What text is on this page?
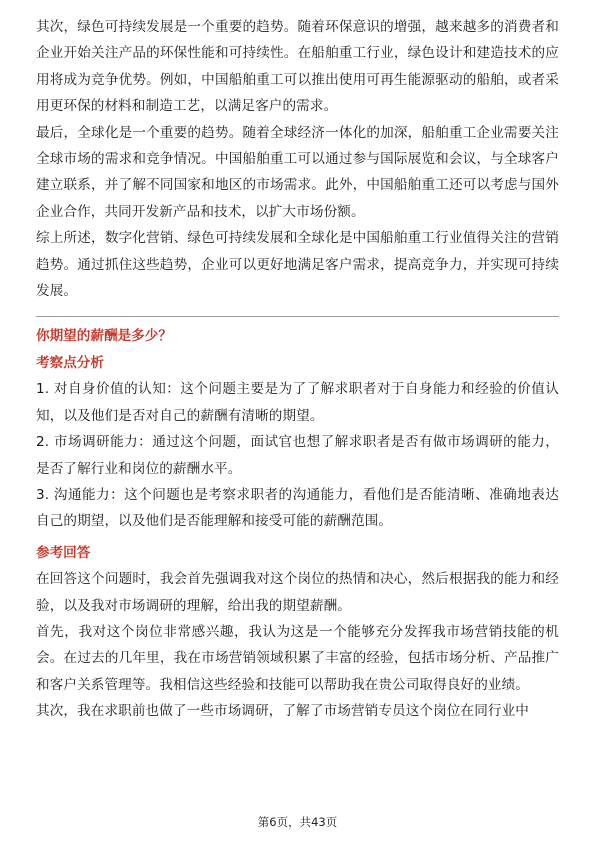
其次，绿色可持续发展是一个重要的趋势。随着环保意识的增强，越来越多的消费者和企业开始关注产品的环保性能和可持续性。在船舶重工行业，绿色设计和建造技术的应用将成为竞争优势。例如，中国船舶重工可以推出使用可再生能源驱动的船舶，或者采用更环保的材料和制造工艺，以满足客户的需求。

最后，全球化是一个重要的趋势。随着全球经济一体化的加深，船舶重工企业需要关注全球市场的需求和竞争情况。中国船舶重工可以通过参与国际展览和会议，与全球客户建立联系，并了解不同国家和地区的市场需求。此外，中国船舶重工还可以考虑与国外企业合作，共同开发新产品和技术，以扩大市场份额。

综上所述，数字化营销、绿色可持续发展和全球化是中国船舶重工行业值得关注的营销趋势。通过抓住这些趋势，企业可以更好地满足客户需求，提高竞争力，并实现可持续发展。

你期望的薪酬是多少？

考察点分析

1. 对自身价值的认知：这个问题主要是为了了解求职者对于自身能力和经验的价值认知，以及他们是否对自己的薪酬有清晰的期望。

2. 市场调研能力：通过这个问题，面试官也想了解求职者是否有做市场调研的能力，是否了解行业和岗位的薪酬水平。

3. 沟通能力：这个问题也是考察求职者的沟通能力，看他们是否能清晰、准确地表达自己的期望，以及他们是否能理解和接受可能的薪酬范围。

参考回答

在回答这个问题时，我会首先强调我对这个岗位的热情和决心，然后根据我的能力和经验，以及我对市场调研的理解，给出我的期望薪酬。

首先，我对这个岗位非常感兴趣，我认为这是一个能够充分发挥我市场营销技能的机会。在过去的几年里，我在市场营销领域积累了丰富的经验，包括市场分析、产品推广和客户关系管理等。我相信这些经验和技能可以帮助我在贵公司取得良好的业绩。

其次，我在求职前也做了一些市场调研，了解了市场营销专员这个岗位在同行业中

第6页，共43页
